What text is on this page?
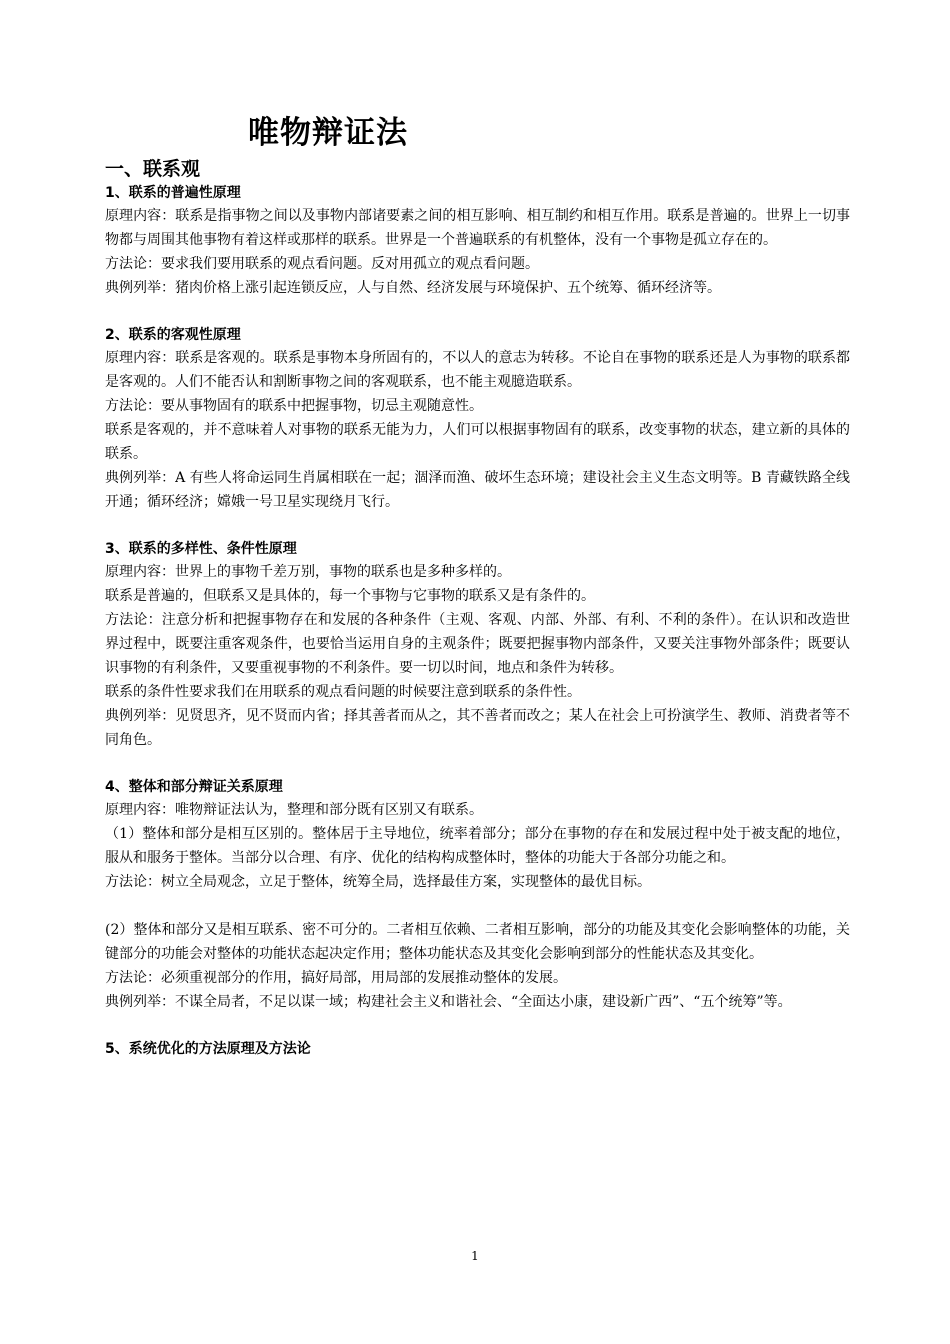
唯物辩证法
一、联系观
1、联系的普遍性原理

原理内容：联系是指事物之间以及事物内部诸要素之间的相互影响、相互制约和相互作用。联系是普遍的。世界上一切事物都与周围其他事物有着这样或那样的联系。世界是一个普遍联系的有机整体，没有一个事物是孤立存在的。

方法论：要求我们要用联系的观点看问题。反对用孤立的观点看问题。

典例列举：猪肉价格上涨引起连锁反应，人与自然、经济发展与环境保护、五个统筹、循环经济等。

2、联系的客观性原理

原理内容：联系是客观的。联系是事物本身所固有的，不以人的意志为转移。不论自在事物的联系还是人为事物的联系都是客观的。人们不能否认和割断事物之间的客观联系，也不能主观臆造联系。

方法论：要从事物固有的联系中把握事物，切忌主观随意性。

联系是客观的，并不意味着人对事物的联系无能为力，人们可以根据事物固有的联系，改变事物的状态，建立新的具体的联系。

典例列举：A 有些人将命运同生肖属相联在一起；涸泽而渔、破坏生态环境；建设社会主义生态文明等。B 青藏铁路全线开通；循环经济；嫦娥一号卫星实现绕月飞行。

3、联系的多样性、条件性原理

原理内容：世界上的事物千差万别，事物的联系也是多种多样的。

联系是普遍的，但联系又是具体的，每一个事物与它事物的联系又是有条件的。

方法论：注意分析和把握事物存在和发展的各种条件（主观、客观、内部、外部、有利、不利的条件）。在认识和改造世界过程中，既要注重客观条件，也要恰当运用自身的主观条件；既要把握事物内部条件，又要关注事物外部条件；既要认识事物的有利条件，又要重视事物的不利条件。要一切以时间，地点和条件为转移。

联系的条件性要求我们在用联系的观点看问题的时候要注意到联系的条件性。

典例列举：见贤思齐，见不贤而内省；择其善者而从之，其不善者而改之；某人在社会上可扮演学生、教师、消费者等不同角色。

4、整体和部分辩证关系原理

原理内容：唯物辩证法认为，整理和部分既有区别又有联系。

（1）整体和部分是相互区别的。整体居于主导地位，统率着部分；部分在事物的存在和发展过程中处于被支配的地位，服从和服务于整体。当部分以合理、有序、优化的结构构成整体时，整体的功能大于各部分功能之和。

方法论：树立全局观念，立足于整体，统筹全局，选择最佳方案，实现整体的最优目标。

(2）整体和部分又是相互联系、密不可分的。二者相互依赖、二者相互影响，部分的功能及其变化会影响整体的功能，关键部分的功能会对整体的功能状态起决定作用；整体功能状态及其变化会影响到部分的性能状态及其变化。

方法论：必须重视部分的作用，搞好局部，用局部的发展推动整体的发展。

典例列举：不谋全局者，不足以谋一域；构建社会主义和谐社会、“全面达小康，建设新广西”、“五个统筹”等。

5、系统优化的方法原理及方法论
1
